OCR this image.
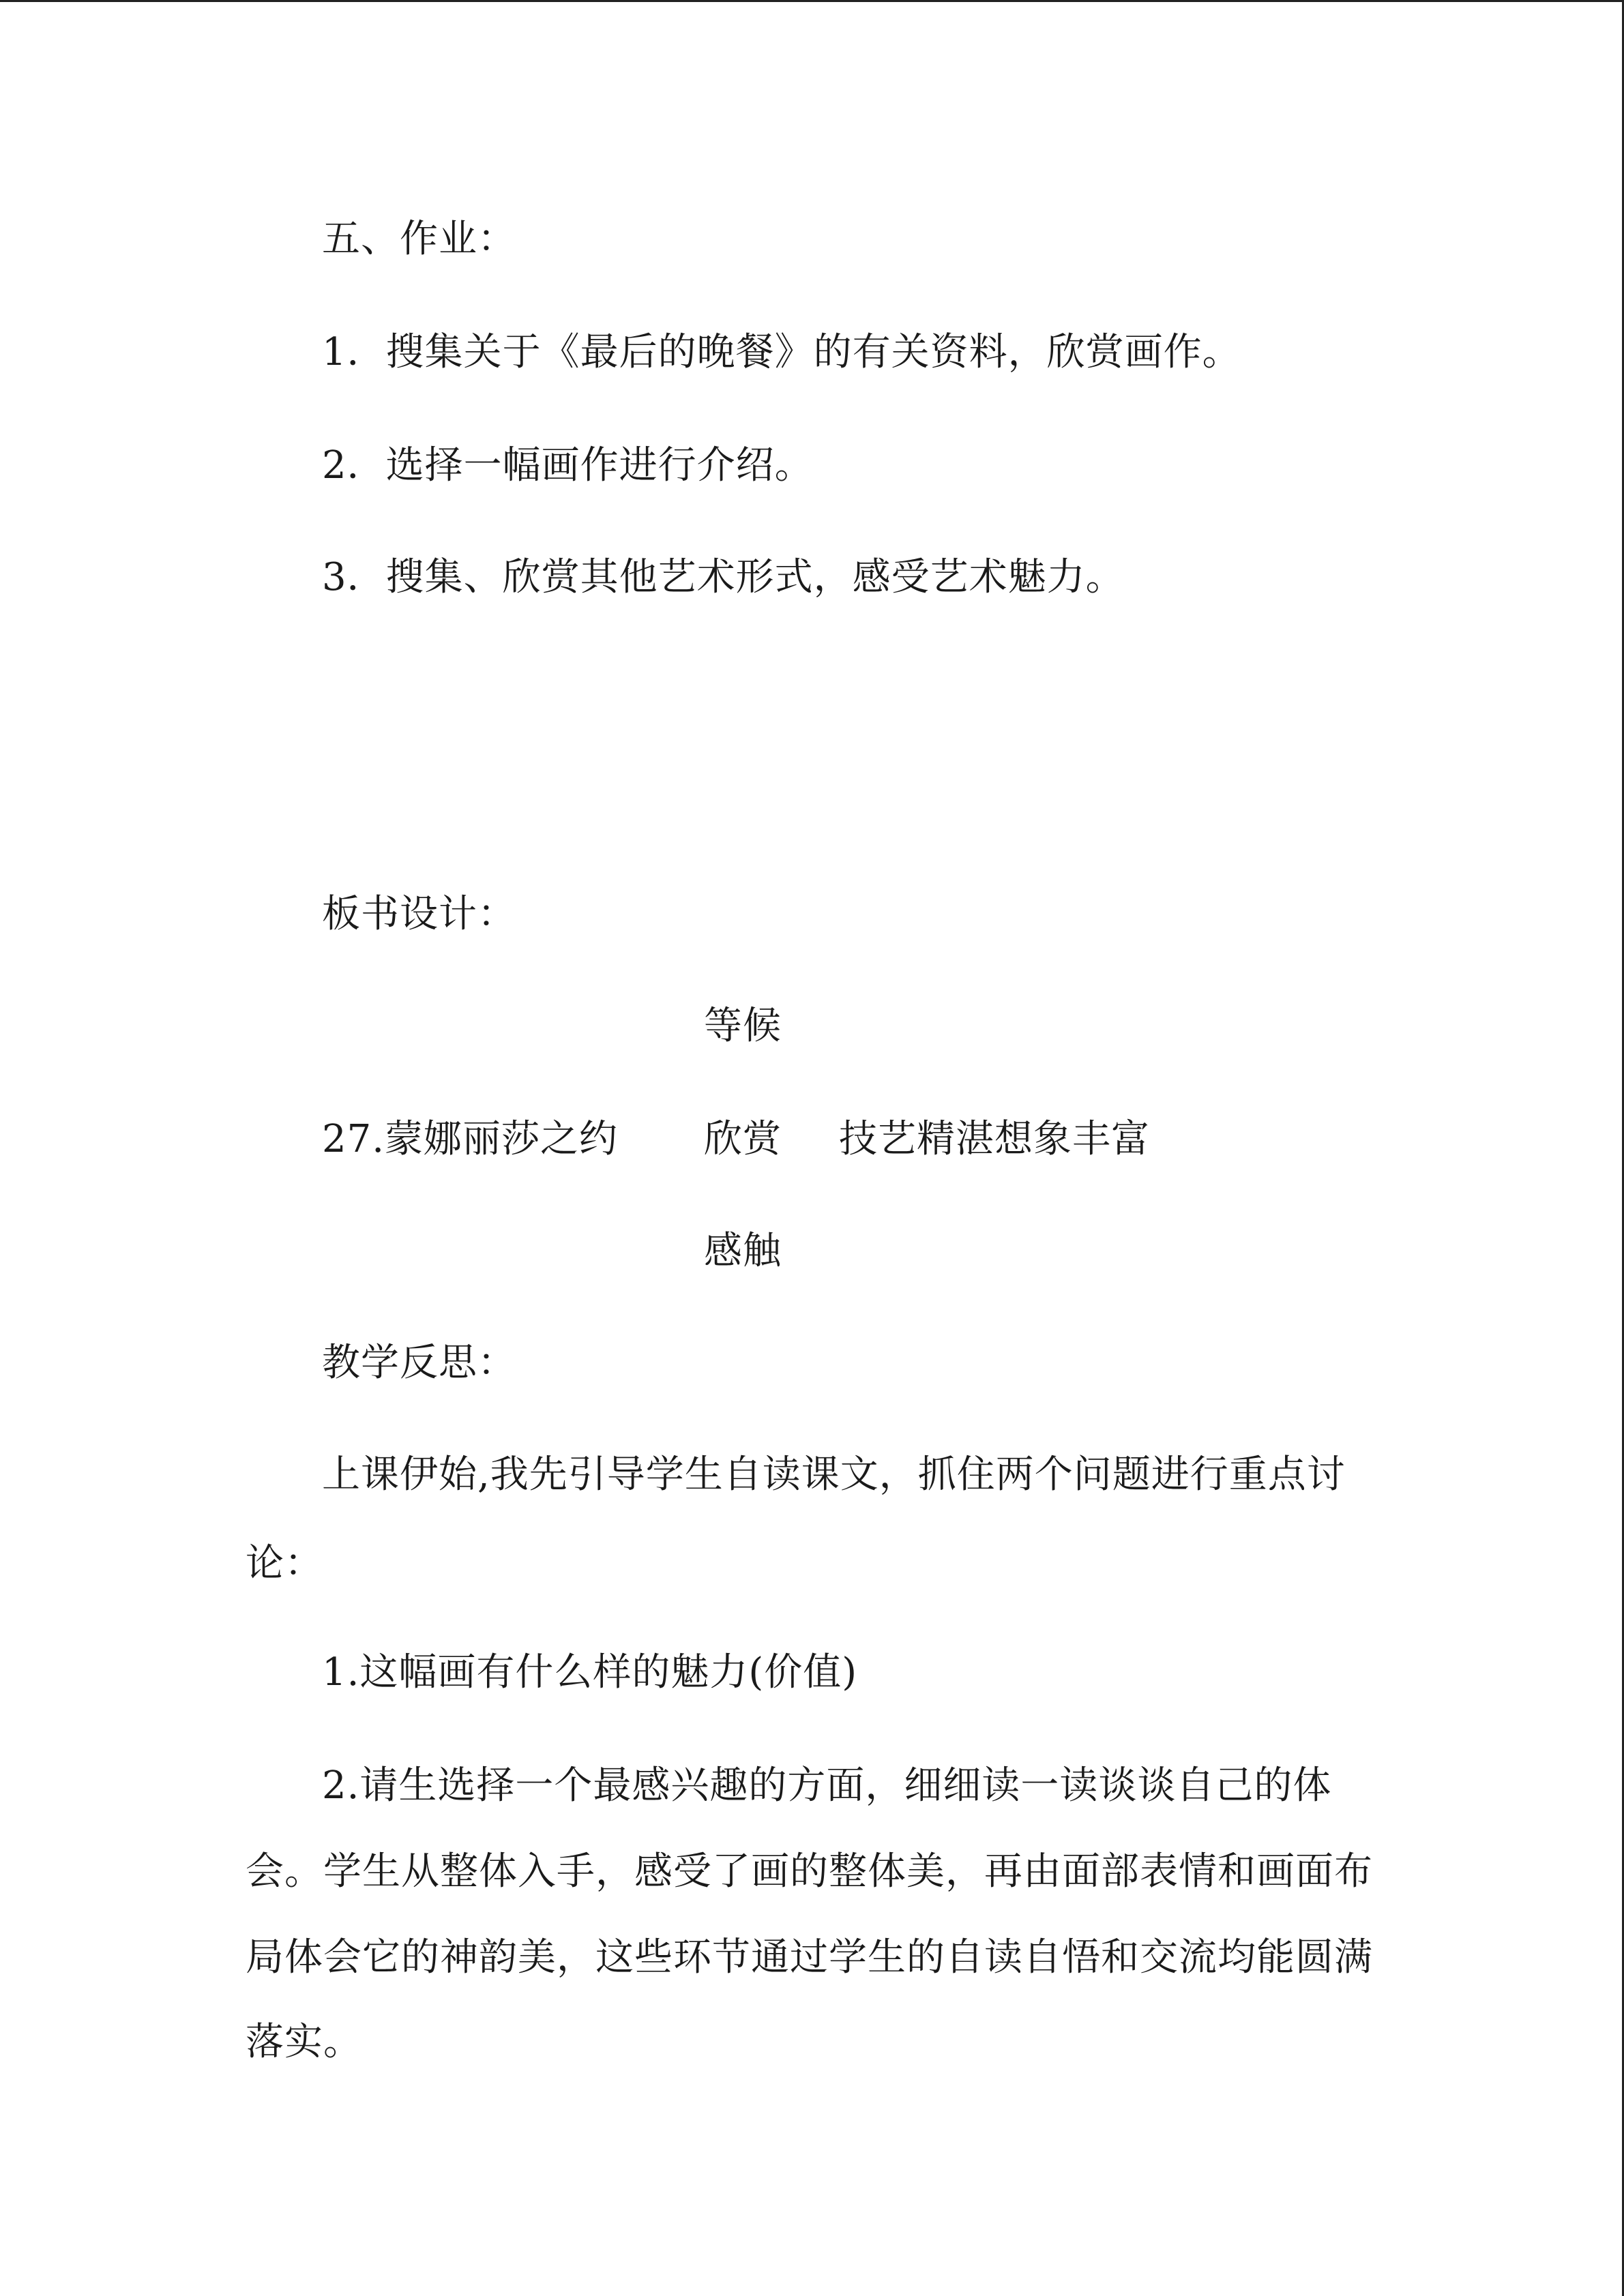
五、作业：
1．搜集关于《最后的晚餐》的有关资料，欣赏画作。
2．选择一幅画作进行介绍。
3．搜集、欣赏其他艺术形式，感受艺术魅力。
板书设计：
等候
27.蒙娜丽莎之约 欣赏 技艺精湛想象丰富
感触
教学反思：
上课伊始,我先引导学生自读课文，抓住两个问题进行重点讨
论：
1.这幅画有什么样的魅力(价值)
2.请生选择一个最感兴趣的方面，细细读一读谈谈自己的体
会。学生从整体入手，感受了画的整体美，再由面部表情和画面布
局体会它的神韵美，这些环节通过学生的自读自悟和交流均能圆满
落实。
